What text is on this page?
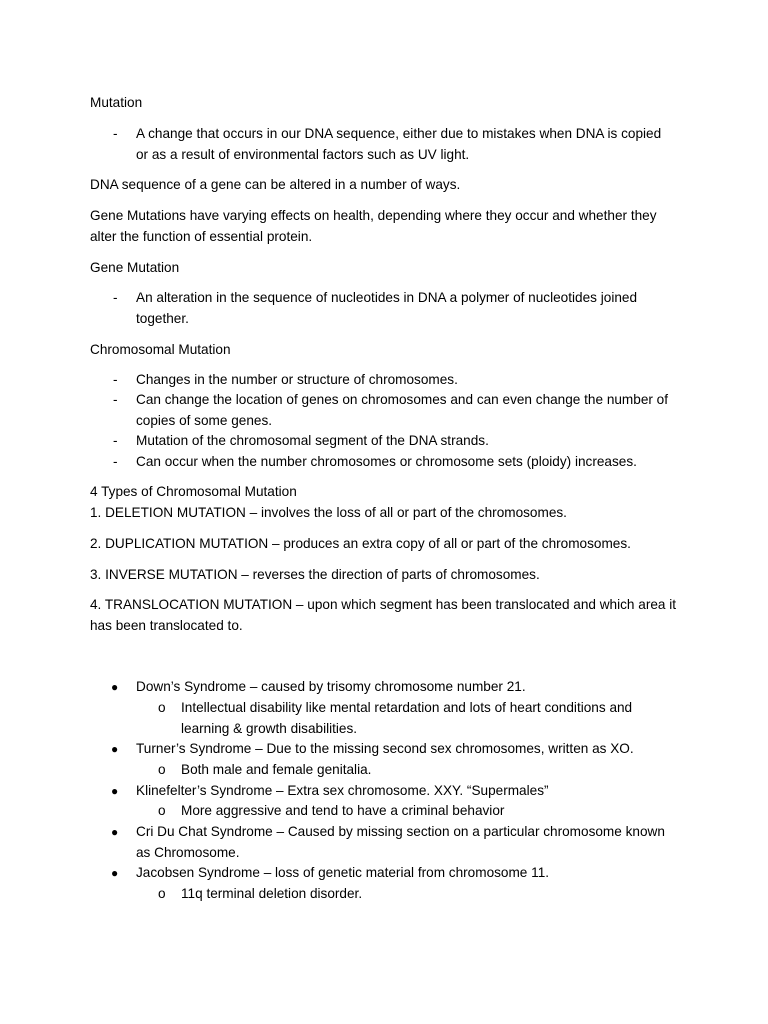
Mutation
- A change that occurs in our DNA sequence, either due to mistakes when DNA is copied
or as a result of environmental factors such as UV light.
DNA sequence of a gene can be altered in a number of ways.
Gene Mutations have varying effects on health, depending where they occur and whether they
alter the function of essential protein.
Gene Mutation
- An alteration in the sequence of nucleotides in DNA a polymer of nucleotides joined
together.
Chromosomal Mutation
- Changes in the number or structure of chromosomes.
- Can change the location of genes on chromosomes and can even change the number of
copies of some genes.
- Mutation of the chromosomal segment of the DNA strands.
- Can occur when the number chromosomes or chromosome sets (ploidy) increases.
4 Types of Chromosomal Mutation
1. DELETION MUTATION – involves the loss of all or part of the chromosomes.
2. DUPLICATION MUTATION – produces an extra copy of all or part of the chromosomes.
3. INVERSE MUTATION – reverses the direction of parts of chromosomes.
4. TRANSLOCATION MUTATION – upon which segment has been translocated and which area it
has been translocated to.
● Down’s Syndrome – caused by trisomy chromosome number 21.
o Intellectual disability like mental retardation and lots of heart conditions and
learning & growth disabilities.
● Turner’s Syndrome – Due to the missing second sex chromosomes, written as XO.
o Both male and female genitalia.
● Klinefelter’s Syndrome – Extra sex chromosome. XXY. “Supermales”
o More aggressive and tend to have a criminal behavior
● Cri Du Chat Syndrome – Caused by missing section on a particular chromosome known
as Chromosome.
● Jacobsen Syndrome – loss of genetic material from chromosome 11.
o 11q terminal deletion disorder.
